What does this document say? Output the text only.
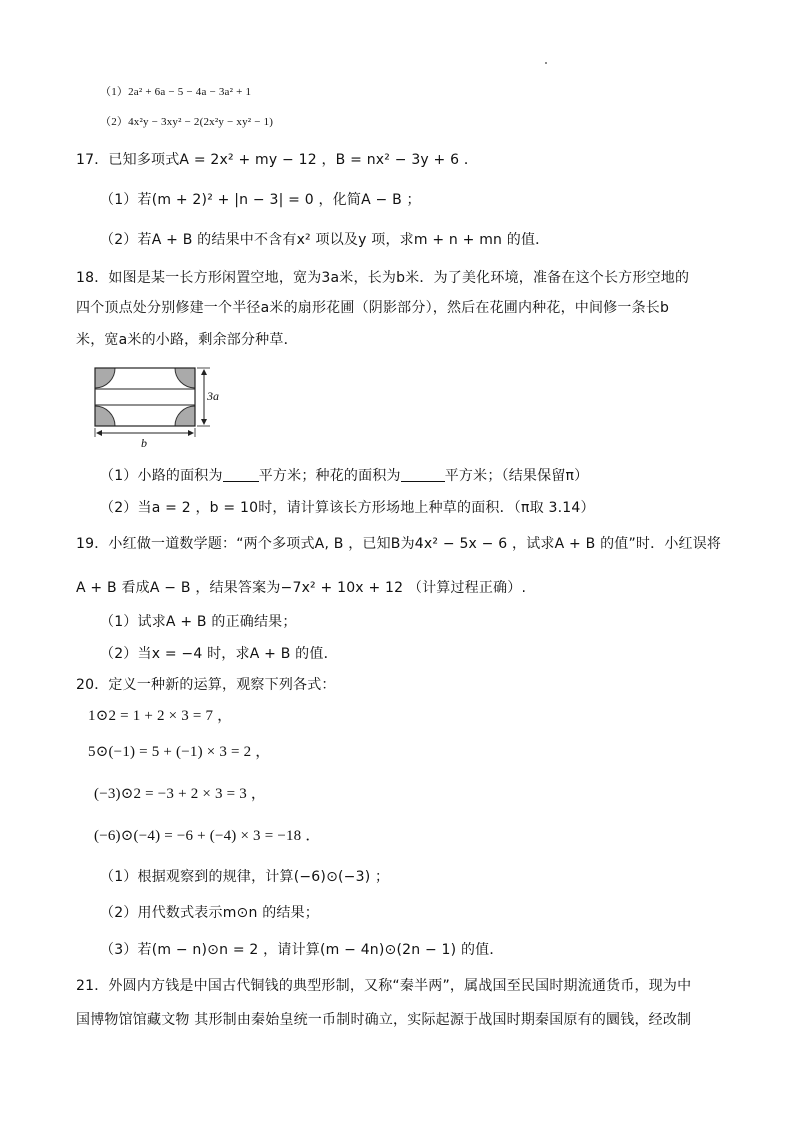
（1）2a² + 6a − 5 − 4a − 3a² + 1
（2）4x²y − 3xy² − 2(2x²y − xy² − 1)
17．已知多项式A = 2x² + my − 12 ，B = nx² − 3y + 6 ．
（1）若(m + 2)² + |n − 3| = 0 ，化简A − B ；
（2）若A + B 的结果中不含有x² 项以及y 项，求m + n + mn 的值．
18．如图是某一长方形闲置空地，宽为3a米，长为b米．为了美化环境，准备在这个长方形空地的
四个顶点处分别修建一个半径a米的扇形花圃（阴影部分），然后在花圃内种花，中间修一条长b
米，宽a米的小路，剩余部分种草．
3a
b
（1）小路的面积为	平方米；种花的面积为	平方米；（结果保留π）
（2）当a = 2 ，b = 10时，请计算该长方形场地上种草的面积．（π取 3.14）
19．小红做一道数学题：“两个多项式A, B ，已知B为4x² − 5x − 6 ，试求A + B 的值”时．小红误将
A + B 看成A − B ，结果答案为−7x² + 10x + 12 （计算过程正确）.
（1）试求A + B 的正确结果；
（2）当x = −4 时，求A + B 的值．
20．定义一种新的运算，观察下列各式：
1⊙2 = 1 + 2 × 3 = 7 ，
5⊙(−1) = 5 + (−1) × 3 = 2 ，
(−3)⊙2 = −3 + 2 × 3 = 3 ，
(−6)⊙(−4) = −6 + (−4) × 3 = −18 ．
（1）根据观察到的规律，计算(−6)⊙(−3) ；
（2）用代数式表示m⊙n 的结果；
（3）若(m − n)⊙n = 2 ，请计算(m − 4n)⊙(2n − 1) 的值．
21．外圆内方钱是中国古代铜钱的典型形制，又称“秦半两”，属战国至民国时期流通货币，现为中
国博物馆馆藏文物 其形制由秦始皇统一币制时确立，实际起源于战国时期秦国原有的圜钱，经改制
